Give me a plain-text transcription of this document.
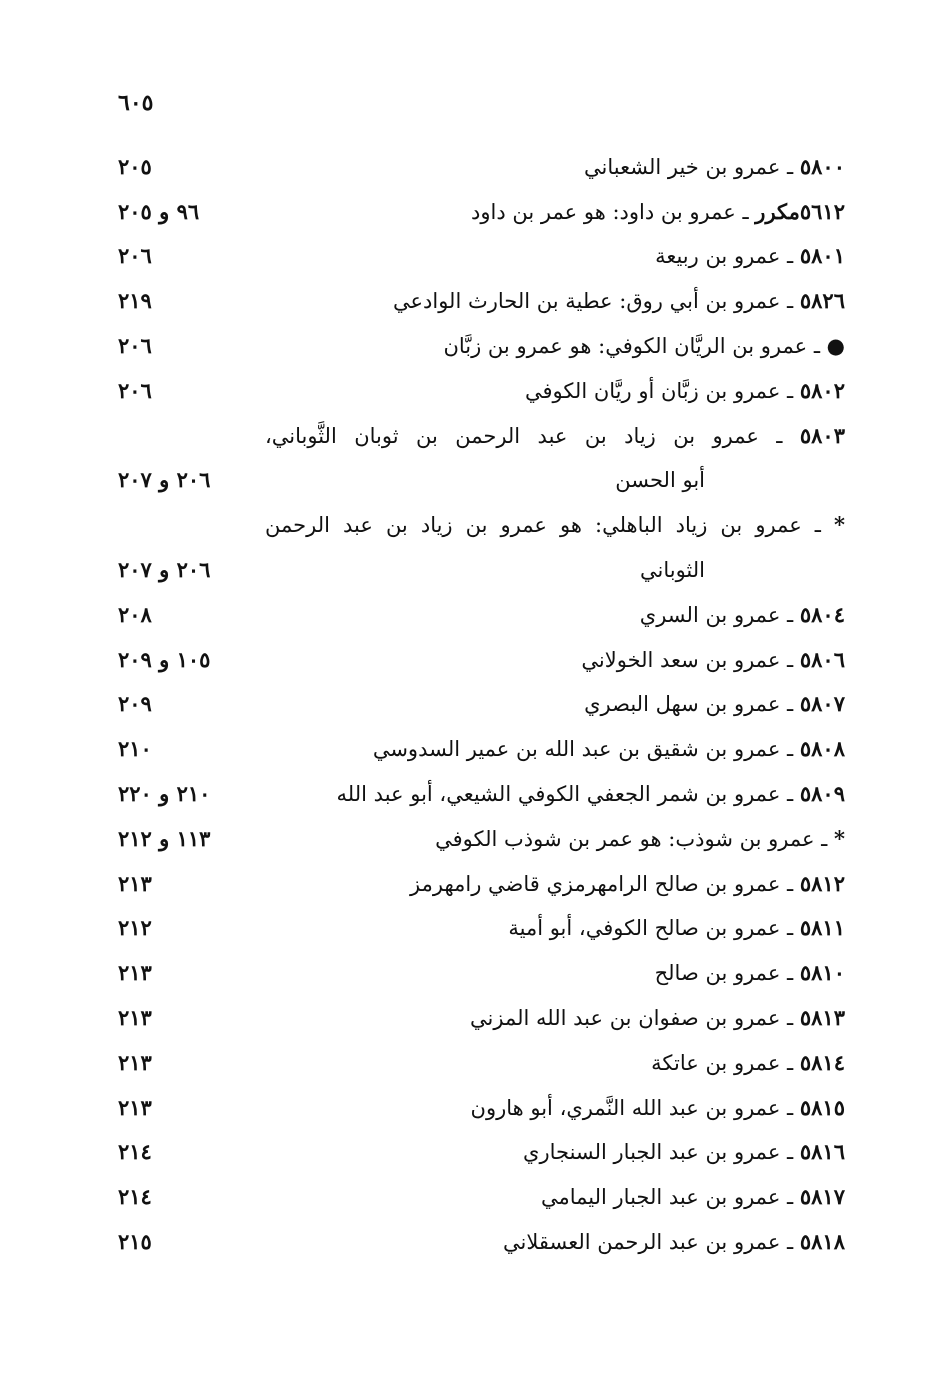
٦٠٥
٥٨٠٠ ـ عمرو بن خير الشعباني
٢٠٥
٥٦١٢مكرر ـ عمرو بن داود: هو عمر بن داود
٩٦ و ٢٠٥
٥٨٠١ ـ عمرو بن ربيعة
٢٠٦
٥٨٢٦ ـ عمرو بن أبي روق: عطية بن الحارث الوادعي
٢١٩
● ـ عمرو بن الريَّان الكوفي: هو عمرو بن زبَّان
٢٠٦
٥٨٠٢ ـ عمرو بن زبَّان أو ريَّان الكوفي
٢٠٦
٥٨٠٣ ـ عمرو بن زياد بن عبد الرحمن بن ثوبان الثَّوباني،
أبو الحسن
٢٠٦ و ٢٠٧
* ـ عمرو بن زياد الباهلي: هو عمرو بن زياد بن عبد الرحمن
الثوباني
٢٠٦ و ٢٠٧
٥٨٠٤ ـ عمرو بن السري
٢٠٨
٥٨٠٦ ـ عمرو بن سعد الخولاني
١٠٥ و ٢٠٩
٥٨٠٧ ـ عمرو بن سهل البصري
٢٠٩
٥٨٠٨ ـ عمرو بن شقيق بن عبد الله بن عمير السدوسي
٢١٠
٥٨٠٩ ـ عمرو بن شمر الجعفي الكوفي الشيعي، أبو عبد الله
٢١٠ و ٢٢٠
* ـ عمرو بن شوذب: هو عمر بن شوذب الكوفي
١١٣ و ٢١٢
٥٨١٢ ـ عمرو بن صالح الرامهرمزي قاضي رامهرمز
٢١٣
٥٨١١ ـ عمرو بن صالح الكوفي، أبو أمية
٢١٢
٥٨١٠ ـ عمرو بن صالح
٢١٣
٥٨١٣ ـ عمرو بن صفوان بن عبد الله المزني
٢١٣
٥٨١٤ ـ عمرو بن عاتكة
٢١٣
٥٨١٥ ـ عمرو بن عبد الله النَّمري، أبو هارون
٢١٣
٥٨١٦ ـ عمرو بن عبد الجبار السنجاري
٢١٤
٥٨١٧ ـ عمرو بن عبد الجبار اليمامي
٢١٤
٥٨١٨ ـ عمرو بن عبد الرحمن العسقلاني
٢١٥
